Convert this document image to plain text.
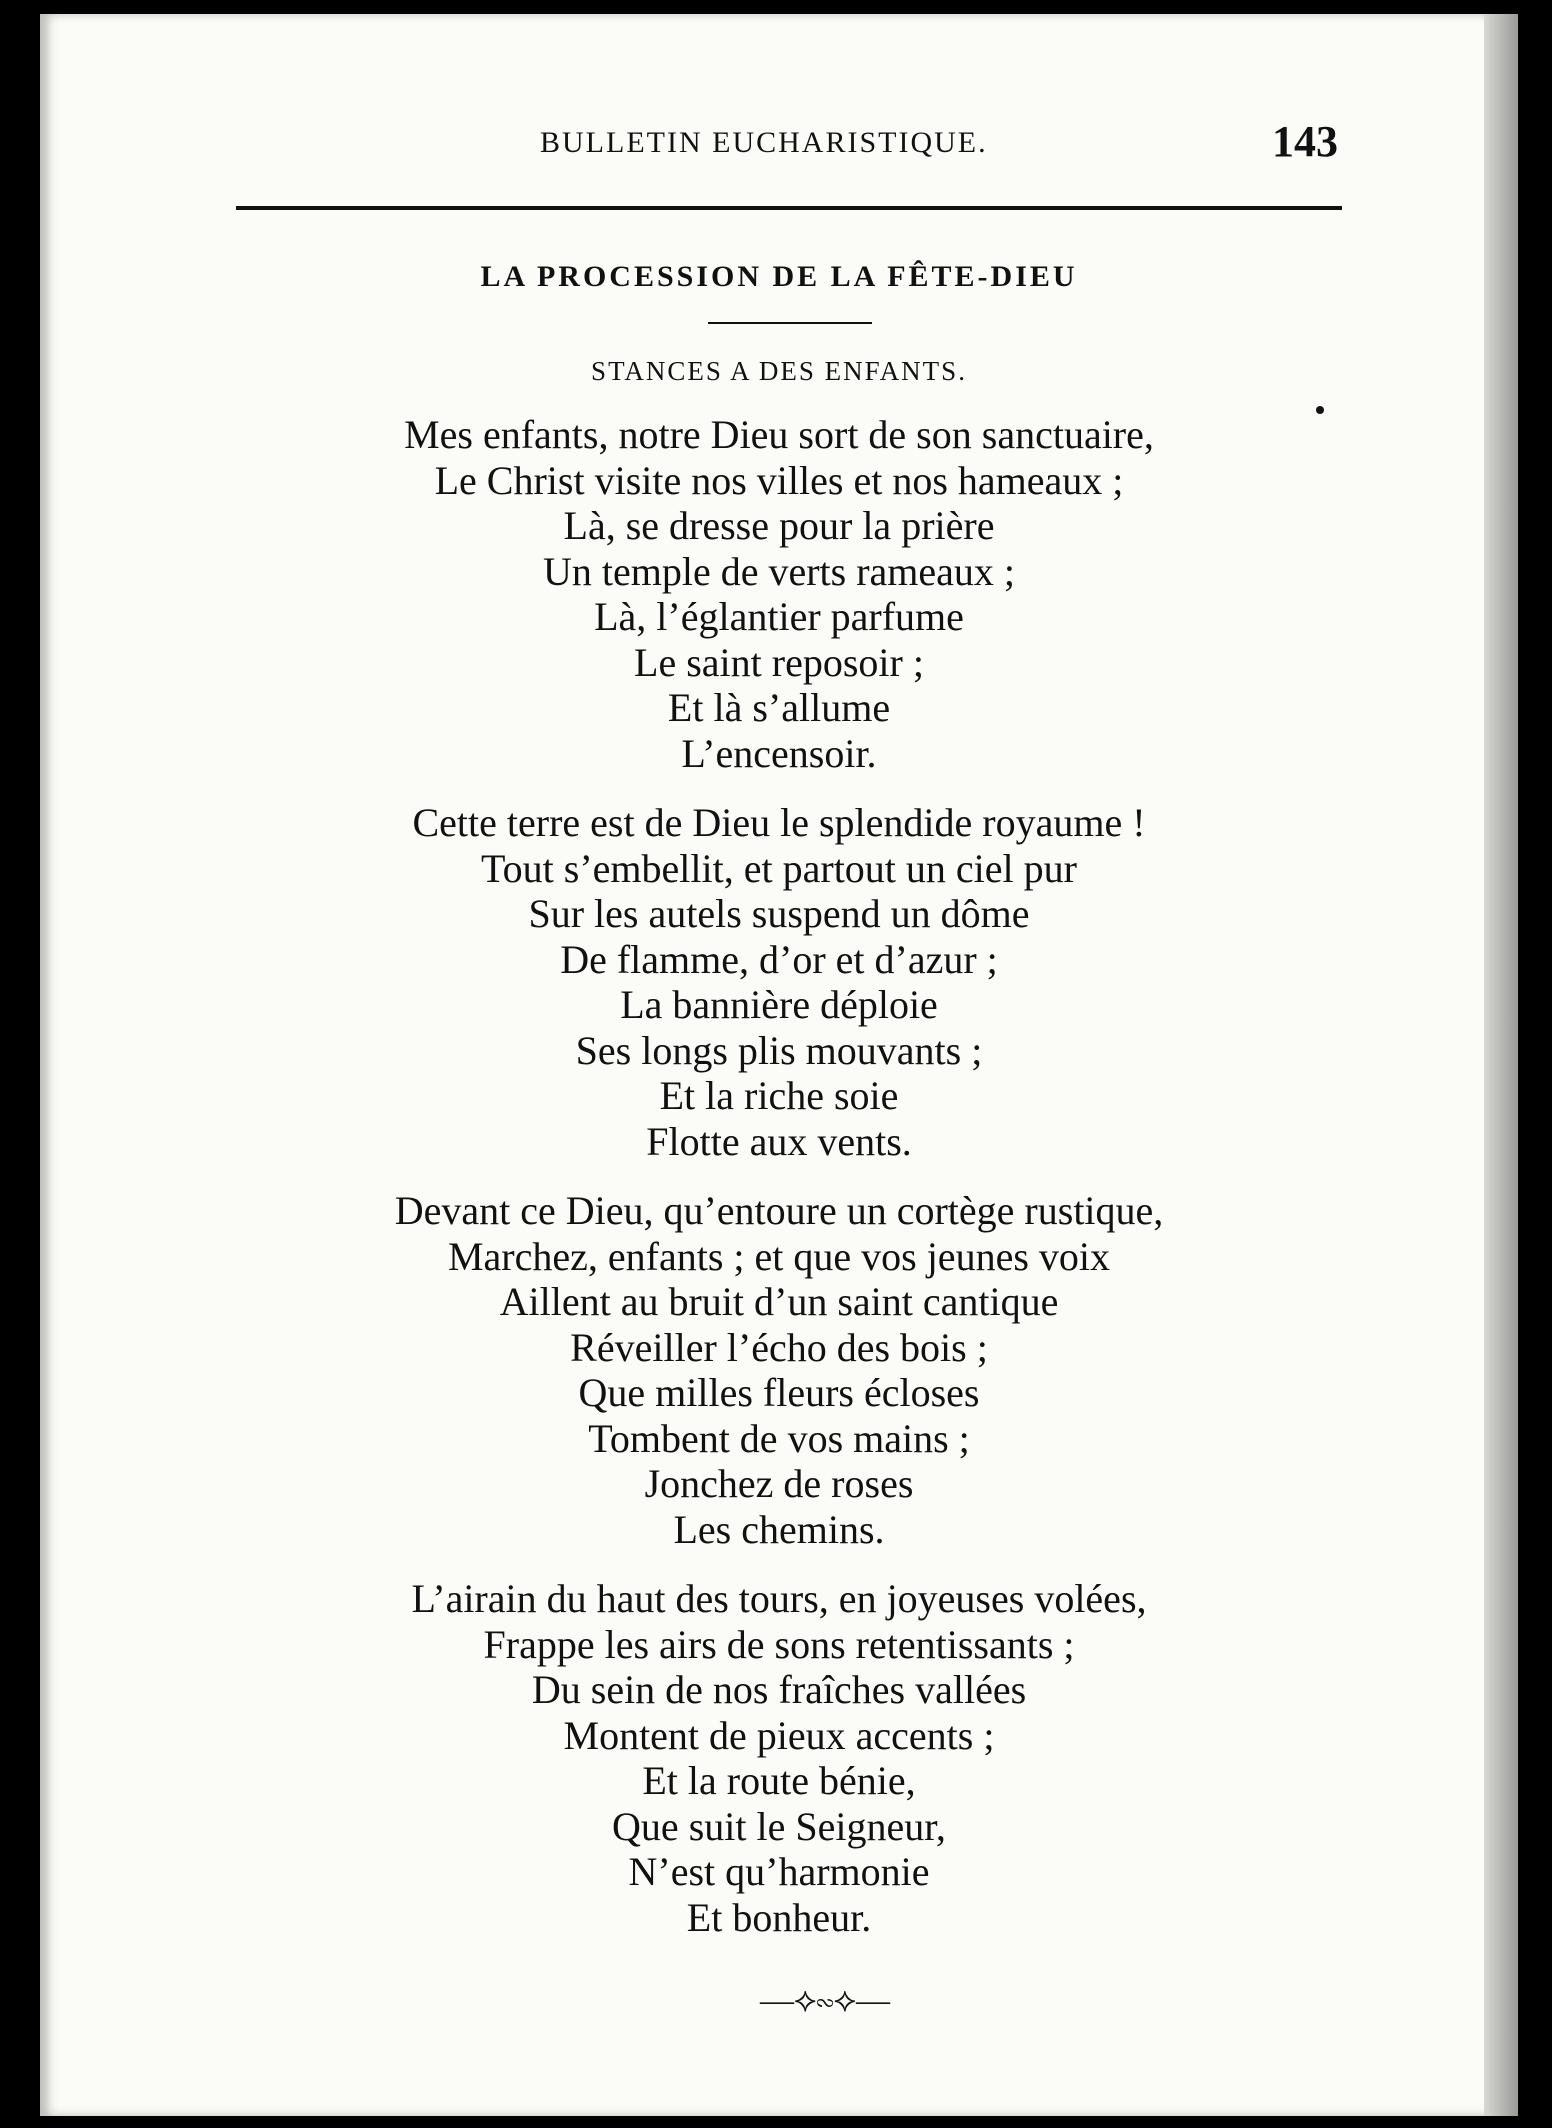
BULLETIN EUCHARISTIQUE.	143
LA PROCESSION DE LA FÊTE-DIEU
STANCES A DES ENFANTS.
Mes enfants, notre Dieu sort de son sanctuaire,
Le Christ visite nos villes et nos hameaux ;
Là, se dresse pour la prière
Un temple de verts rameaux ;
Là, l’églantier parfume
Le saint reposoir ;
Et là s’allume
L’encensoir.
Cette terre est de Dieu le splendide royaume !
Tout s’embellit, et partout un ciel pur
Sur les autels suspend un dôme
De flamme, d’or et d’azur ;
La bannière déploie
Ses longs plis mouvants ;
Et la riche soie
Flotte aux vents.
Devant ce Dieu, qu’entoure un cortège rustique,
Marchez, enfants ; et que vos jeunes voix
Aillent au bruit d’un saint cantique
Réveiller l’écho des bois ;
Que milles fleurs écloses
Tombent de vos mains ;
Jonchez de roses
Les chemins.
L’airain du haut des tours, en joyeuses volées,
Frappe les airs de sons retentissants ;
Du sein de nos fraîches vallées
Montent de pieux accents ;
Et la route bénie,
Que suit le Seigneur,
N’est qu’harmonie
Et bonheur.
—⟡∾⟡—
